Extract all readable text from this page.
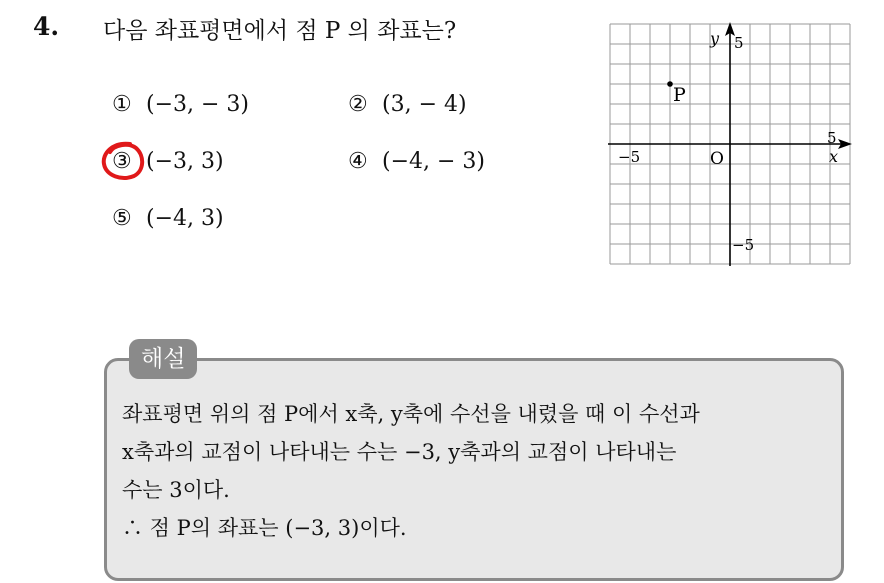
4. 다음 좌표평면에서 점 P 의 좌표는?
① (−3, − 3)	② (3, − 4)
③ (−3, 3)	④ (−4, − 3)
⑤ (−4, 3)
P
y 5
5
x
−5	O
−5
해설
좌표평면 위의 점 P에서 x축, y축에 수선을 내렸을 때 이 수선과
x축과의 교점이 나타내는 수는 −3, y축과의 교점이 나타내는
수는 3이다.
∴ 점 P의 좌표는 (−3, 3)이다.
